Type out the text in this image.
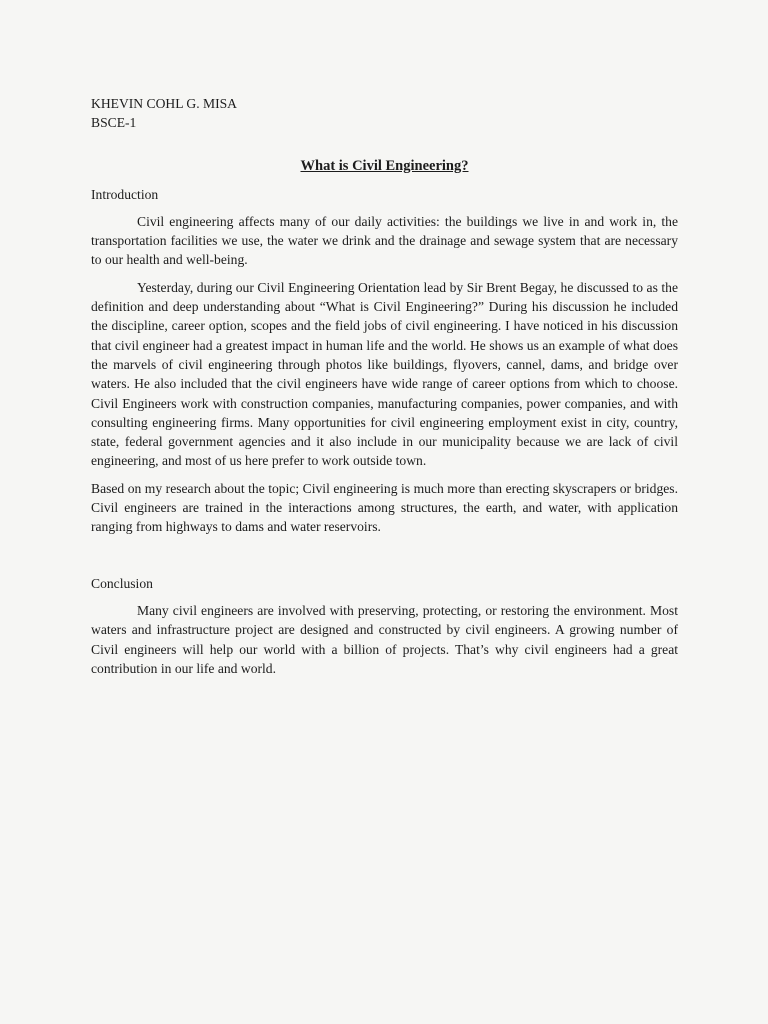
KHEVIN COHL G. MISA

BSCE-1

What is Civil Engineering?

Introduction

Civil engineering affects many of our daily activities: the buildings we live in and work in, the transportation facilities we use, the water we drink and the drainage and sewage system that are necessary to our health and well-being.

Yesterday, during our Civil Engineering Orientation lead by Sir Brent Begay, he discussed to as the definition and deep understanding about “What is Civil Engineering?” During his discussion he included the discipline, career option, scopes and the field jobs of civil engineering. I have noticed in his discussion that civil engineer had a greatest impact in human life and the world. He shows us an example of what does the marvels of civil engineering through photos like buildings, flyovers, cannel, dams, and bridge over waters. He also included that the civil engineers have wide range of career options from which to choose. Civil Engineers work with construction companies, manufacturing companies, power companies, and with consulting engineering firms. Many opportunities for civil engineering employment exist in city, country, state, federal government agencies and it also include in our municipality because we are lack of civil engineering, and most of us here prefer to work outside town.

Based on my research about the topic; Civil engineering is much more than erecting skyscrapers or bridges. Civil engineers are trained in the interactions among structures, the earth, and water, with application ranging from highways to dams and water reservoirs.

Conclusion

Many civil engineers are involved with preserving, protecting, or restoring the environment. Most waters and infrastructure project are designed and constructed by civil engineers. A growing number of Civil engineers will help our world with a billion of projects. That’s why civil engineers had a great contribution in our life and world.
